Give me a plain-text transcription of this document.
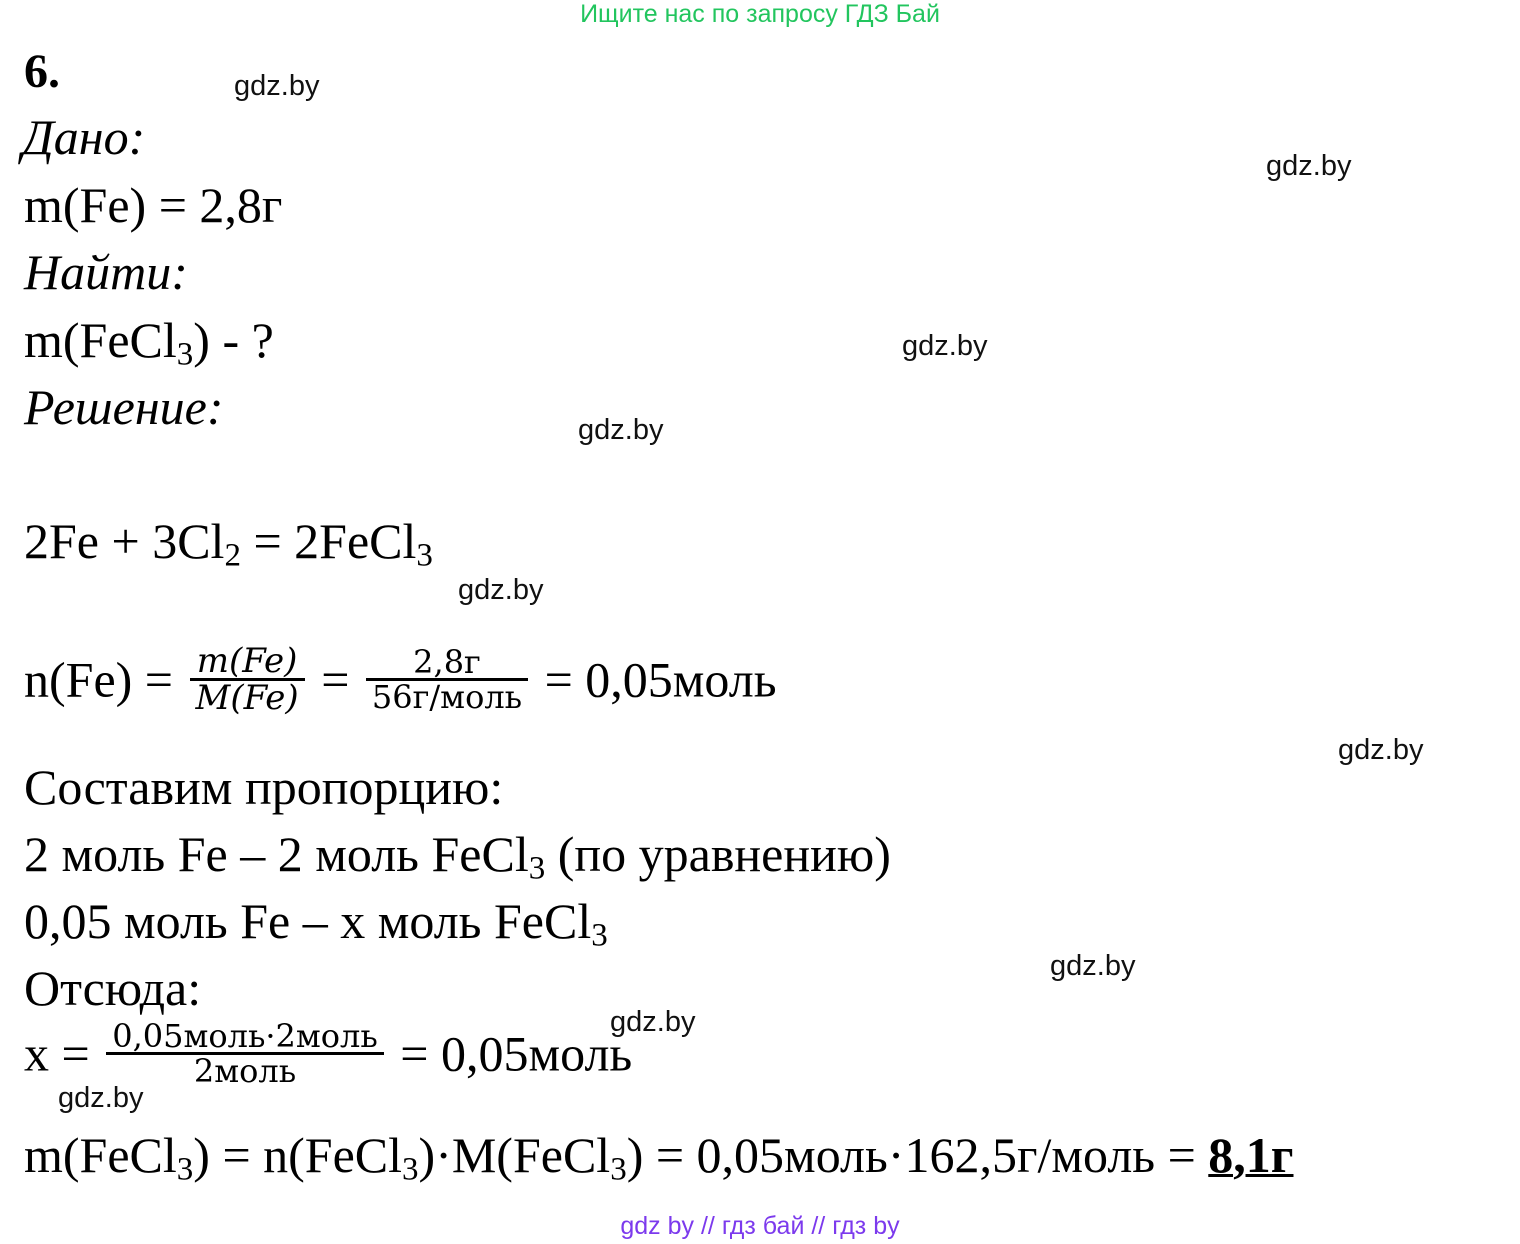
Ищите нас по запросу ГДЗ Бай
6.	gdz.by
gdz.by
gdz.by
gdz.by
gdz.by
gdz.by
gdz.by
gdz.by
gdz.by
Дано:
m(Fe) = 2,8г
Найти:
m(FeCl$_3$) - ?
Решение:
$2Fe + 3Cl_2$ = 2FeCl$_3$
$n(Fe) = \frac{m(Fe)}{M(Fe)} = \frac{2,8г}{\text{56г/моль}}$ = 0,05моль
Составим пропорцию:
2 моль Fe – 2 моль FeCl$_3$ (по уравнению)
0,05 моль Fe – x моль FeCl$_3$
Отсюда:
$x = \frac{\text{0,05моль·2моль}}{\text{2моль}}$ = 0,05моль
m(FeCl$_3$) = n(FeCl$_3$)·M(FeCl$_3$) = 0,05моль·162,5г/моль = 8,1г
gdz by // гдз бай // гдз by
